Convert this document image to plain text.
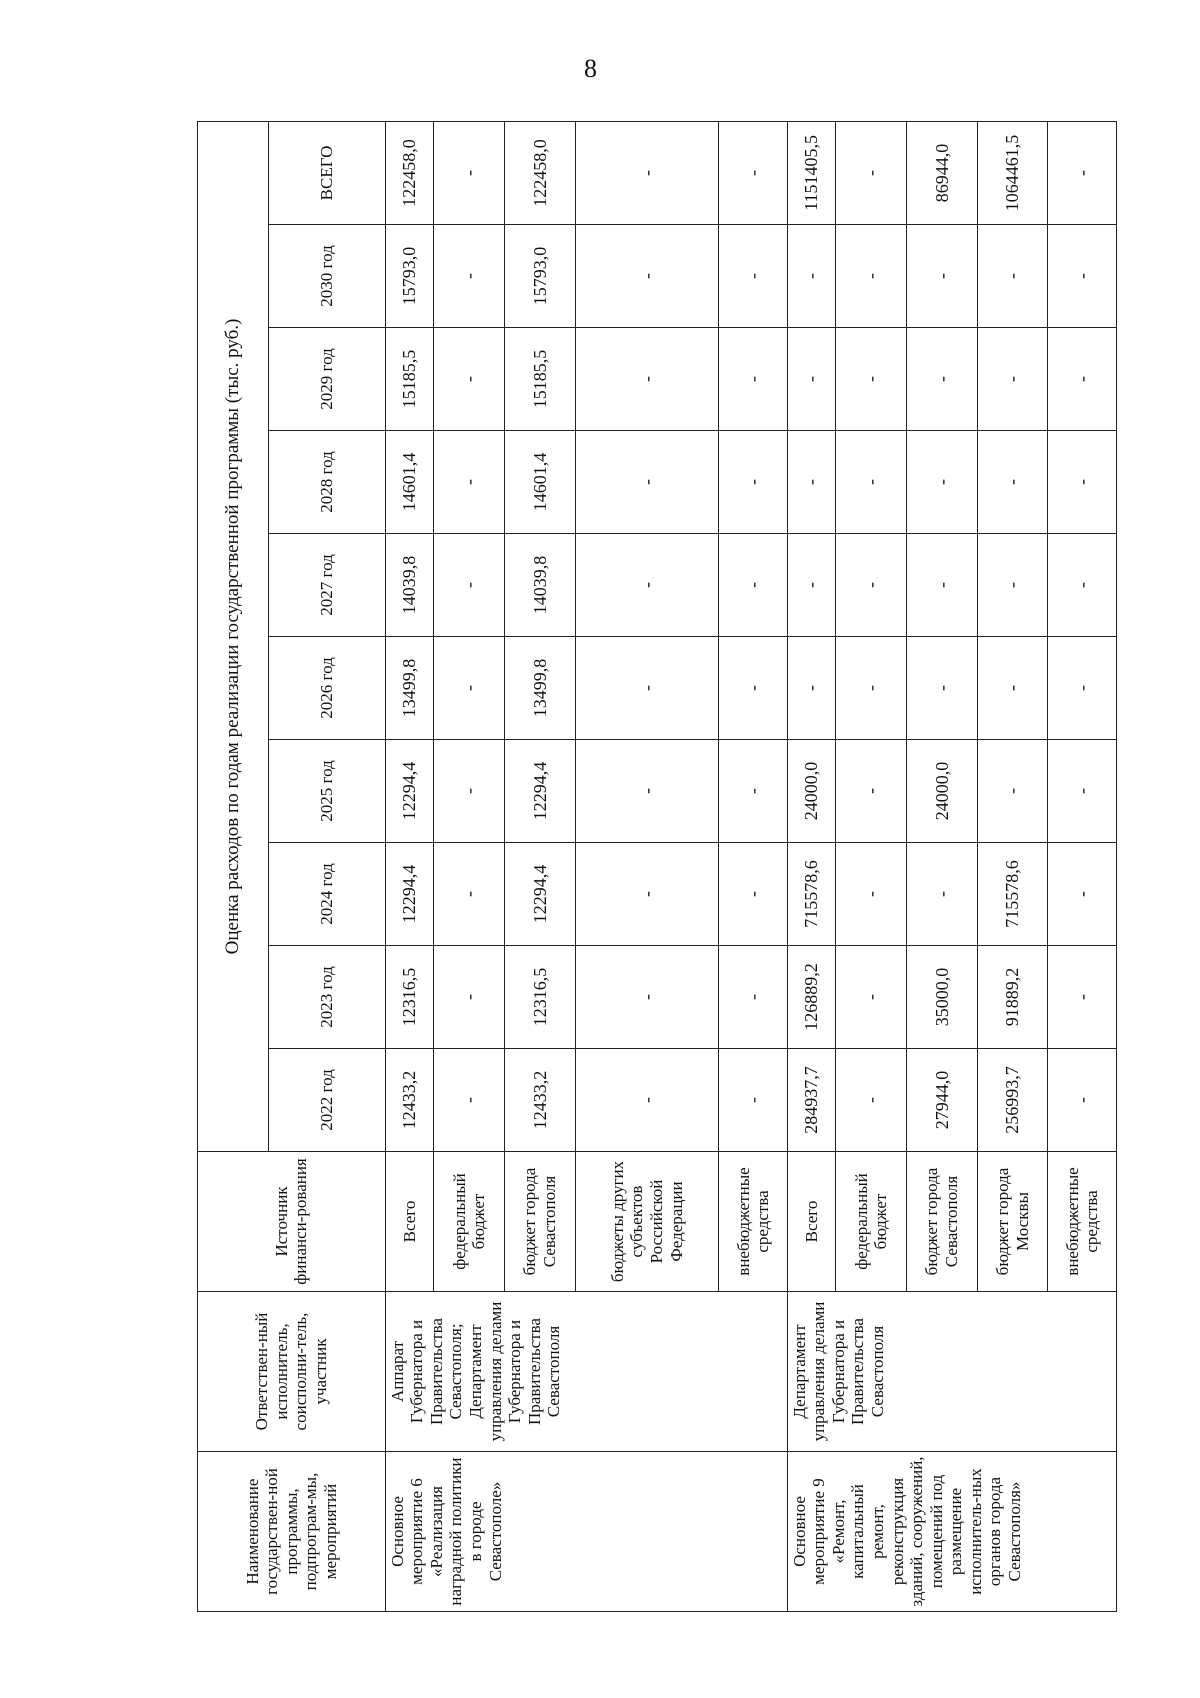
8
Наименование государствен-ной программы, подпрограм-мы, мероприятий	Ответствен-ный исполнитель, соисполни-тель, участник	Источник финанси-рования	Оценка расходов по годам реализации государственной программы (тыс. руб.)									
			2022 год	2023 год	2024 год	2025 год	2026 год	2027 год	2028 год	2029 год	2030 год	ВСЕГО
Основное мероприятие 6 «Реализация наградной политики в городе Севастополе»	Аппарат Губернатора и Правительства Севастополя; Департамент управления делами Губернатора и Правительства Севастополя	Всего	12433,2	12316,5	12294,4	12294,4	13499,8	14039,8	14601,4	15185,5	15793,0	122458,0
		федеральный бюджет	-	-	-	-	-	-	-	-	-	-
		бюджет города Севастополя	12433,2	12316,5	12294,4	12294,4	13499,8	14039,8	14601,4	15185,5	15793,0	122458,0
		бюджеты других субъектов Российской Федерации	-	-	-	-	-	-	-	-	-	-
		внебюджетные средства	-	-	-	-	-	-	-	-	-	-
Основное мероприятие 9 «Ремонт, капитальный ремонт, реконструкция зданий, сооружений, помещений под размещение исполнитель-ных органов города Севастополя»	Департамент управления делами Губернатора и Правительства Севастополя	Всего	284937,7	126889,2	715578,6	24000,0	-	-	-	-	-	1151405,5
		федеральный бюджет	-	-	-	-	-	-	-	-	-	-
		бюджет города Севастополя	27944,0	35000,0	-	24000,0	-	-	-	-	-	86944,0
		бюджет города Москвы	256993,7	91889,2	715578,6	-	-	-	-	-	-	1064461,5
		внебюджетные средства	-	-	-	-	-	-	-	-	-	-
